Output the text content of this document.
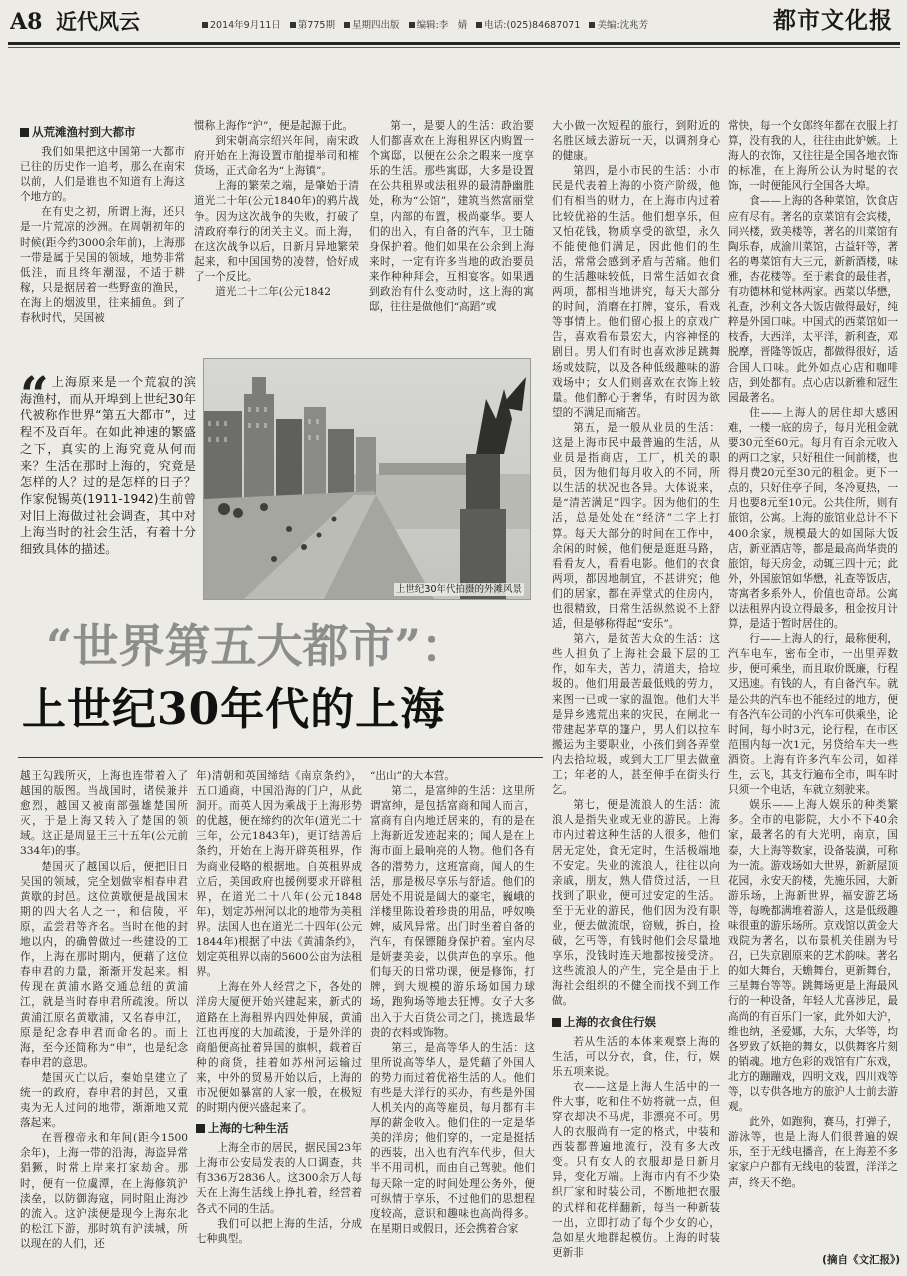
A8 近代风云	2014年9月11日 第775期 星期四出版 编辑:李　婧 电话:(025)84687071 美编:沈兆芳	都市文化报
从荒滩渔村到大都市

我们如果把这中国第一大都市已往的历史作一追考，那么在南宋以前，人们是谁也不知道有上海这个地方的。

在有史之初，所谓上海，还只是一片荒凉的沙洲。在周朝初年的时候(距今约3000余年前)，上海那一带是属于吴国的领域，地势非常低洼，而且终年潮湿，不适于耕稼，只是据居着一些野蛮的渔民，在海上的烟波里，往来捕鱼。到了春秋时代，吴国被

惯称上海作“沪”，便是起源于此。

到宋朝高宗绍兴年间，南宋政府开始在上海设置市舶提举司和榷货场，正式命名为“上海镇”。

上海的繁荣之端，是肇始于清道光二十年(公元1840年)的鸦片战争。因为这次战争的失败，打破了清政府奉行的闭关主义。而上海，在这次战争以后，日新月异地繁荣起来，和中国国势的凌替，恰好成了一个反比。

道光二十二年(公元1842

第一，是要人的生活：政治要人们都喜欢在上海租界区内购置一个寓邸，以便在公余之暇来一度享乐的生活。那些寓邸，大多是设置在公共租界或法租界的最清静幽胜处，称为“公馆”，建筑当然富丽堂皇，内部的布置，极尚豪华。要人们的出入，有自备的汽车，卫士随身保护着。他们如果在公余到上海来时，一定有许多当地的政治要员来作种种拜会，互相宴客。如果遇到政治有什么变动时，这上海的寓邸，往往是做他们“高蹈”或

“ 上海原来是一个荒寂的滨海渔村，而从开埠到上世纪30年代被称作世界“第五大都市”，过程不及百年。在如此神速的繁盛之下，真实的上海究竟从何而来？生活在那时上海的，究竟是怎样的人？过的是怎样的日子？作家倪锡英(1911-1942)生前曾对旧上海做过社会调查，其中对上海当时的社会生活，有着十分细致具体的描述。
上世纪30年代拍摄的外滩风景

大小做一次短程的旅行，到附近的名胜区域去游玩一天，以调剂身心的健康。

第四，是小市民的生活：小市民是代表着上海的小资产阶级，他们有相当的财力，在上海市内过着比较优裕的生活。他们想享乐，但又怕花钱，物质享受的欲望，永久不能使他们满足，因此他们的生活，常常会感到矛盾与苦痛。他们的生活趣味较低，日常生活如衣食两项，都相当地讲究，每天大部分的时间，消磨在打牌，宴乐，看戏等事情上。他们留心报上的京戏广告，喜欢看布景宏大，内容神怪的剧目。男人们有时也喜欢涉足跳舞场或妓院，以及各种低级趣味的游戏场中；女人们则喜欢在衣饰上较量。他们醉心于奢华，有时因为欲望的不满足而痛苦。

第五，是一般从业员的生活：这是上海市民中最普遍的生活，从业员是指商店，工厂，机关的职员，因为他们每月收入的不同，所以生活的状况也各异。大体说来，是“清苦满足”四字。因为他们的生活，总是处处在“经济”二字上打算。每天大部分的时间在工作中，余闲的时候，他们便是逛逛马路，看看友人，看看电影。他们的衣食两项，都因地制宜，不甚讲究；他们的居家，都在弄堂式的住房内，也很精致，日常生活纵然说不上舒适，但是够称得起“安乐”。

第六，是贫苦大众的生活：这些人担负了上海社会最下层的工作，如车夫，苦力，清道夫，拾垃圾的。他们用最苦最低贱的劳力，来图一已或一家的温饱。他们大半是异乡逃荒出来的灾民，在闸北一带建起茅草的篷户，男人们以拉车搬运为主要职业，小孩们到各弄堂内去拾垃圾，或到大工厂里去做童工；年老的人，甚至伸手在街头行乞。

第七，便是流浪人的生活：流浪人是指失业或无业的游民。上海市内过着这种生活的人很多，他们居无定处，食无定时，生活极端地不安定。失业的流浪人，往往以向亲戚，朋友，熟人借贷过活，一旦找到了职业，便可过安定的生活。至于无业的游民，他们因为没有职业，便去做流氓，窃贼，拆白，捡破，乞丐等，有钱时他们会尽量地享乐，没钱时连天地都按接受济。这些流浪人的产生，完全是由于上海社会组织的不健全而找不到工作做。

上海的衣食住行娱

若从生活的本体来观察上海的生活，可以分衣，食，住，行，娱乐五项来说。

衣——这是上海人生活中的一件大事，吃和住不妨将就一点，但穿衣却决不马虎，非漂亮不可。男人的衣服尚有一定的格式，中装和西装都普遍地流行，没有多大改变。只有女人的衣服却是日新月异，变化万端。上海市内有不少染织厂家和时装公司，不断地把衣服的式样和花样翻新，每当一种新装一出，立即打动了每个少女的心，急如星火地群起模仿。上海的时装更新非

常快，每一个女郎终年都在衣服上打算，没有我的人，往往由此妒嫉。上海人的衣饰，又往往是全国各地衣饰的标准，在上海所公认为时髦的衣饰，一时便能风行全国各大埠。

食——上海的各种菜馆，饮食店应有尽有。著名的京菜馆有会宾楼，同兴楼，致美楼等，著名的川菜馆有陶乐春，成渝川菜馆，古益轩等，著名的粤菜馆有大三元，新新酒楼，味雅，杏花楼等。至于素食的最佳者，有功德林和觉林两家。西菜以华懋，礼查，沙利文各大饭店做得最好，纯粹是外国口味。中国式的西菜馆如一枝香，大西洋，太平洋，新利查，邓脱摩，晋隆等饭店，都做得很好，适合国人口味。此外如点心店和咖啡店，到处都有。点心店以新雅和冠生园最著名。

住——上海人的居住却大感困难，一楼一底的房子，每月光租金就要30元至60元。每月有百余元收入的两口之家，只好租住一间前楼，也得月费20元至30元的租金。更下一点的，只好住亭子间，冬冷夏热，一月也要8元至10元。公共住所，则有旅馆，公寓。上海的旅馆业总计不下400余家，规模最大的如国际大饭店，新亚酒店等，都是最高尚华贵的旅馆，每天房金，动辄三四十元；此外，外国旅馆如华懋，礼查等饭店，寄寓者多系外人，价值也奇昂。公寓以法租界内设立得最多，租金按月计算，是适于暂时居住的。

行——上海人的行，最称便利，汽车电车，密布全市，一出里弄数步，便可乘坐，而且取价既廉，行程又迅速。有钱的人，有自备汽车。就是公共的汽车也不能经过的地方，便有各汽车公司的小汽车可供乘坐，论时间，每小时3元，论行程，在市区范围内每一次1元，另贷给车夫一些酒资。上海有许多汽车公司，如祥生，云飞，其支行遍布全市，叫车时只须一个电话，车就立刻驶来。

娱乐——上海人娱乐的种类繁多。全市的电影院，大小不下40余家，最著名的有大光明，南京，国泰，大上海等数家，设备装潢，可称为一流。游戏场如大世界，新新屋顶花园，永安天韵楼，先施乐园，大新游乐场，上海新世界，福安游艺场等，每晚都满堆着游人，这是低级趣味很重的游乐场所。京戏馆以黄金大戏院为著名，以布景机关佳剧为号召，已失京剧原来的艺术韵味。著名的如大舞台，天蟾舞台，更新舞台，三星舞台等等。跳舞场更是上海最风行的一种设备，年轻人尤喜涉足，最高尚的有百乐门一家，此外如大沪，维也纳，圣爱娜，大东，大华等，均各罗致了妖艳的舞女，以供舞客片刻的销魂。地方色彩的戏馆有广东戏，北方的蹦蹦戏，四明文戏，四川戏等等，以专供各地方的旅沪人士前去游观。

此外，如跑狗，赛马，打弹子，游泳等，也是上海人们很普遍的娱乐，至于无线电播音，在上海差不多家家户户都有无线电的装置，洋洋之声，终天不绝。

(摘自《文汇报》)
“世界第五大都市”：
上世纪30年代的上海

越王勾践所灭，上海也连带着入了越国的版图。当战国时，诸侯兼并愈烈，越国又被南部强雄楚国所灭，于是上海又转入了楚国的领域。这正是周显王三十五年(公元前334年)的事。

楚国灭了越国以后，便把旧日吴国的领域，完全划做宰相春申君黄歇的封邑。这位黄歇便是战国末期的四大名人之一，和信陵，平原，孟尝君等齐名。当时在他的封地以内，的确曾做过一些建设的工作，上海在那时期内，便藉了这位春申君的力量，渐渐开发起来。相传现在黄浦水路交通总纽的黄浦江，就是当时春申君所疏浚。所以黄浦江原名黄歇浦，又名春申江，原是纪念春申君而命名的。而上海，至今还简称为“申”，也是纪念春申君的意思。

楚国灭亡以后，秦始皇建立了统一的政府，春申君的封邑，又重夷为无人过问的地带，渐渐地又荒落起来。

在晋穆帝永和年间(距今1500余年)，上海一带的沿海，海盗异常猖獗，时常上岸来打家劫舍。那时，便有一位虞潭，在上海修筑沪渎垒，以防御海寇，同时阻止海沙的流入。这沪渎便是现今上海东北的松江下游，那时筑有沪渎城，所以现在的人们，还

年)清朝和英国缔结《南京条约》，五口通商，中国沿海的门户，从此洞开。而英人因为乘战于上海形势的优越，便在缔约的次年(道光二十三年，公元1843年)，更订结善后条约，开始在上海开辟英租界，作为商业侵略的根据地。自英租界成立后，美国政府也援例要求开辟租界，在道光二十八年(公元1848年)，划定苏州河以北的地带为美租界。法国人也在道光二十四年(公元1844年)根据了中法《黄浦条约》，划定英租界以南的5600公亩为法租界。

上海在外人经营之下，各处的洋房大厦便开始兴建起来，新式的道路在上海租界内四处伸展，黄浦江也再度的大加疏浚，于是外洋的商船便高扯着异国的旗帜，载着百种的商货，挂着如苏州河运输过来，中外的贸易开始以后，上海的市况便如暴富的人家一般，在极短的时期内便兴盛起来了。

上海的七种生活

上海全市的居民，据民国23年上海市公安局发表的人口调查，共有336万2836人。这300余万人每天在上海生活线上挣扎着，经营着各式不同的生活。

我们可以把上海的生活，分成七种典型。

“出山”的大本营。

第二，是富绅的生活：这里所谓富绅，是包括富商和闻人而言，富商有自内地迁居来的，有的是在上海新近发迹起来的；闻人是在上海市面上最响亮的人物。他们各有各的潜势力，这班富商，闻人的生活，那是极尽享乐与舒适。他们的居处不用说是阔大的豪宅，巍峨的洋楼里陈设着珍贵的用品，呼奴唤婢，威风异常。出门时坐着自备的汽车，有保镖随身保护着。室内尽是妍妻美妾，以供声色的享乐。他们每天的日常功课，便是修饰，打牌，到大规模的游乐场如国力球场，跑狗场等地去狂博。女子大多出入于大百货公司之门，挑选最华贵的衣料或饰物。

第三，是高等华人的生活：这里所说高等华人，是凭藉了外国人的势力而过着优裕生活的人。他们有些是大洋行的买办，有些是外国人机关内的高等雇员，每月都有丰厚的薪金收入。他们住的一定是华美的洋房；他们穿的，一定是挺括的西装，出入也有汽车代步，但大半不用司机，而由自己驾驶。他们每天除一定的时间处理公务外，便可纵情于享乐，不过他们的思想程度较高，意识和趣味也高尚得多。在星期日或假日，还会携着合家
